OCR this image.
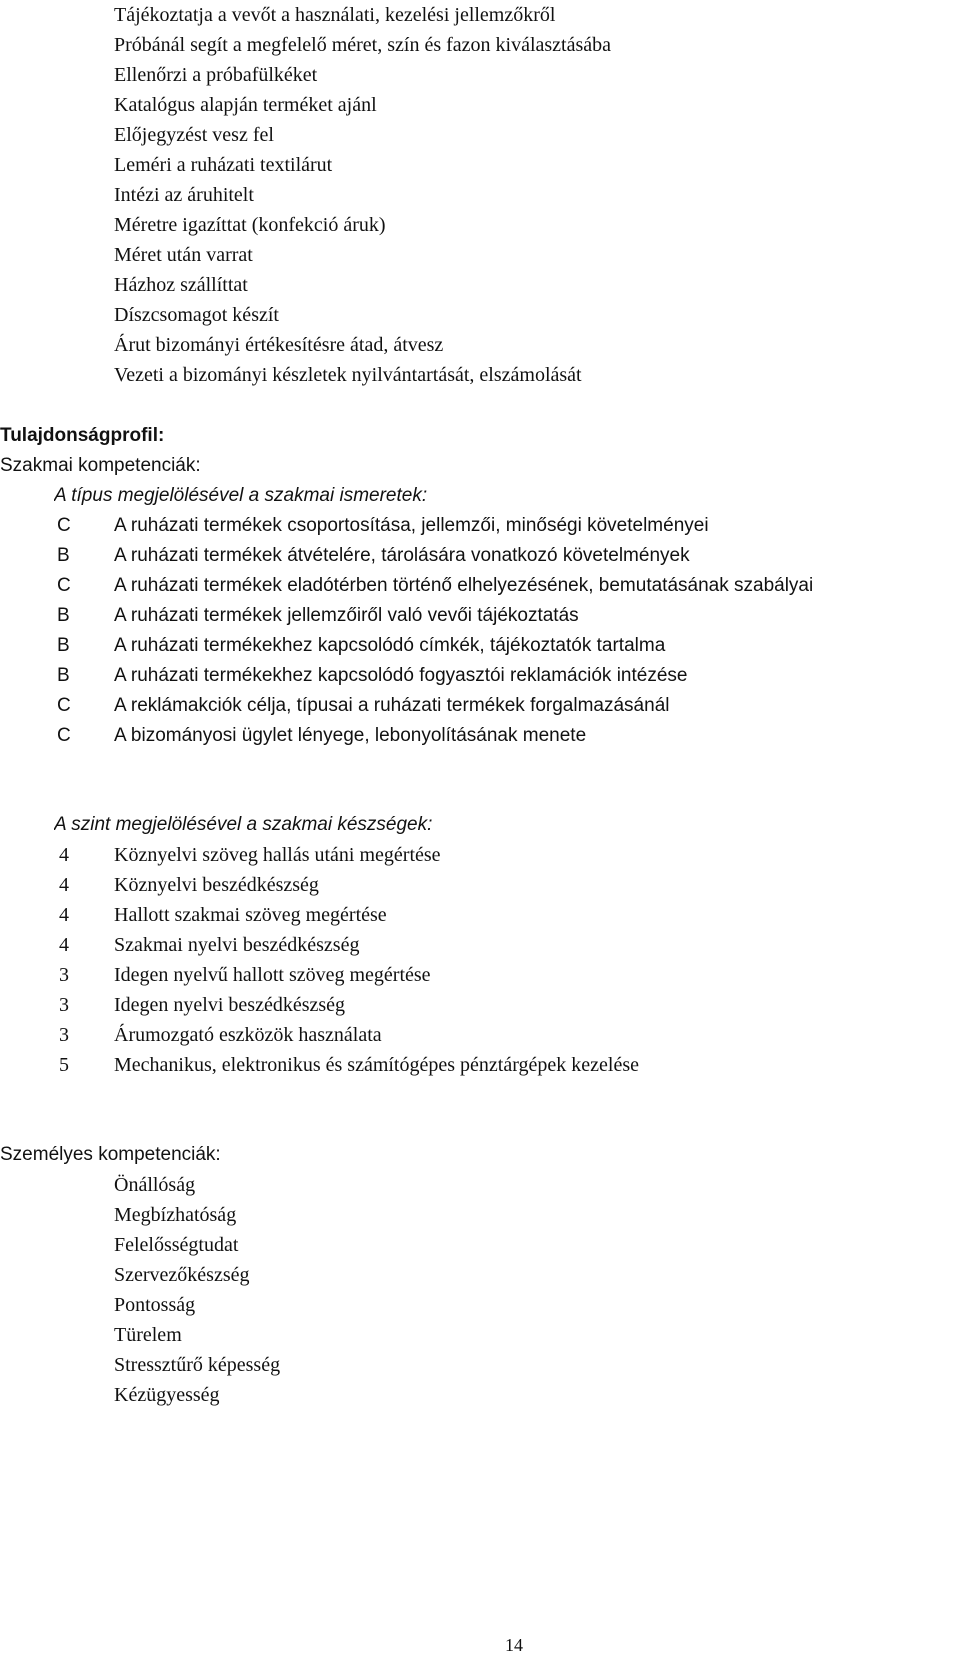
Tájékoztatja a vevőt a használati, kezelési jellemzőkről
Próbánál segít a megfelelő méret, szín és fazon kiválasztásába
Ellenőrzi a próbafülkéket
Katalógus alapján terméket ajánl
Előjegyzést vesz fel
Leméri a ruházati textilárut
Intézi az áruhitelt
Méretre igazíttat (konfekció áruk)
Méret után varrat
Házhoz szállíttat
Díszcsomagot készít
Árut bizományi értékesítésre átad, átvesz
Vezeti a bizományi készletek nyilvántartását, elszámolását
Tulajdonságprofil:
Szakmai kompetenciák:
A típus megjelölésével a szakmai ismeretek:
C	A ruházati termékek csoportosítása, jellemzői, minőségi követelményei
B	A ruházati termékek átvételére, tárolására vonatkozó követelmények
C	A ruházati termékek eladótérben történő elhelyezésének, bemutatásának szabályai
B	A ruházati termékek jellemzőiről való vevői tájékoztatás
B	A ruházati termékekhez kapcsolódó címkék, tájékoztatók tartalma
B	A ruházati termékekhez kapcsolódó fogyasztói reklamációk intézése
C	A reklámakciók célja, típusai a ruházati termékek forgalmazásánál
C	A bizományosi ügylet lényege, lebonyolításának menete
A szint megjelölésével a szakmai készségek:
4	Köznyelvi szöveg hallás utáni megértése
4	Köznyelvi beszédkészség
4	Hallott szakmai szöveg megértése
4	Szakmai nyelvi beszédkészség
3	Idegen nyelvű hallott szöveg megértése
3	Idegen nyelvi beszédkészség
3	Árumozgató eszközök használata
5	Mechanikus, elektronikus és számítógépes pénztárgépek kezelése
Személyes kompetenciák:
Önállóság
Megbízhatóság
Felelősségtudat
Szervezőkészség
Pontosság
Türelem
Stressztűrő képesség
Kézügyesség
14
